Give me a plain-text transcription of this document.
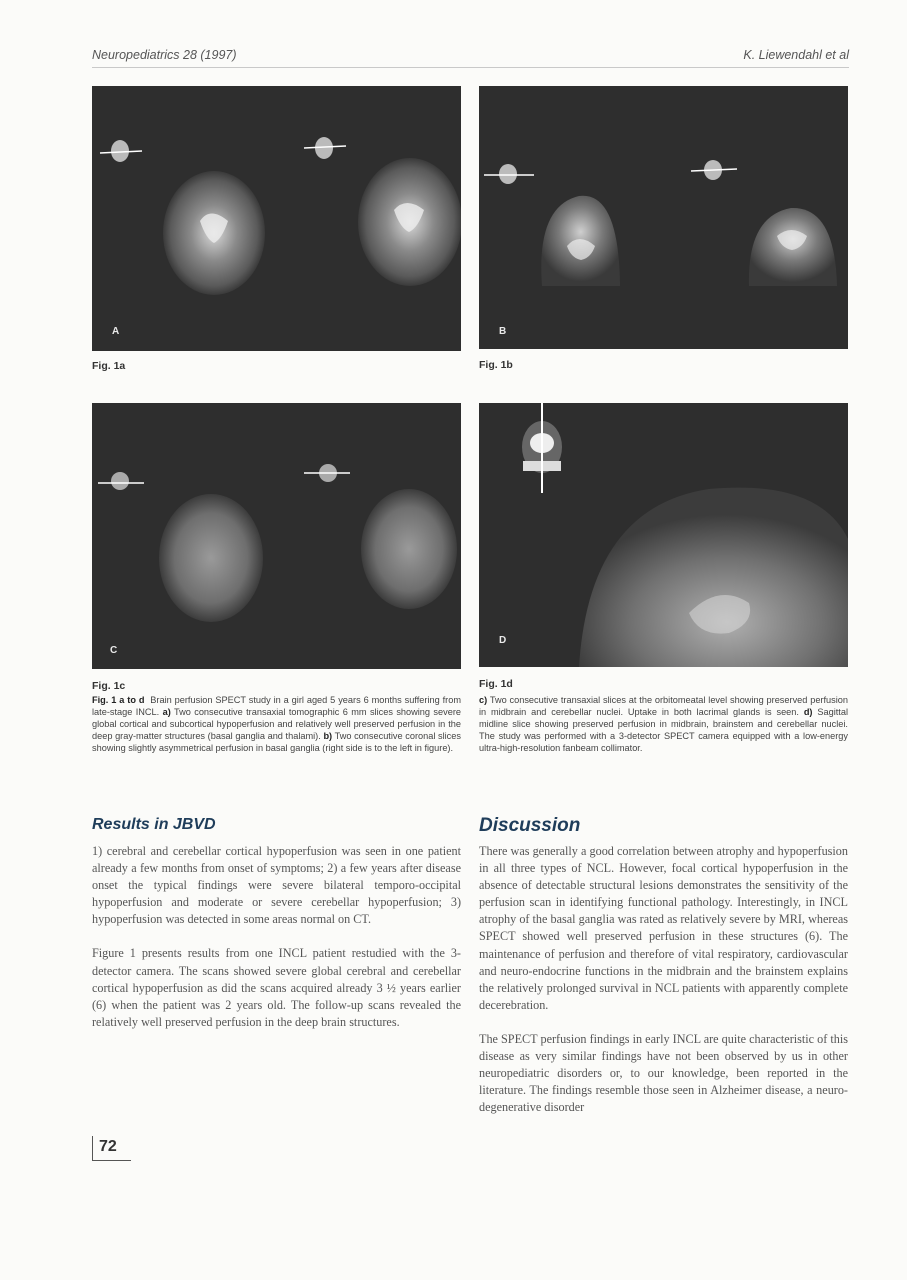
Neuropediatrics 28 (1997)	K. Liewendahl et al
A
Fig. 1a
B
Fig. 1b
C
Fig. 1c
D
Fig. 1d
Fig. 1 a to d Brain perfusion SPECT study in a girl aged 5 years 6 months suffering from late-stage INCL. a) Two consecutive transaxial tomographic 6 mm slices showing severe global cortical and subcortical hypoperfusion and relatively well preserved perfusion in the deep gray-matter structures (basal ganglia and thalami). b) Two consecutive coronal slices showing slightly asymmetrical perfusion in basal ganglia (right side is to the left in figure).
c) Two consecutive transaxial slices at the orbitomeatal level showing preserved perfusion in midbrain and cerebellar nuclei. Uptake in both lacrimal glands is seen. d) Sagittal midline slice showing preserved perfusion in midbrain, brainstem and cerebellar nuclei. The study was performed with a 3-detector SPECT camera equipped with a low-energy ultra-high-resolution fanbeam collimator.
Results in JBVD

1) cerebral and cerebellar cortical hypoperfusion was seen in one patient already a few months from onset of symptoms; 2) a few years after disease onset the typical findings were severe bilateral temporo-occipital hypoperfusion and moderate or severe cerebellar hypoperfusion; 3) hypoperfusion was detected in some areas normal on CT.

Figure 1 presents results from one INCL patient restudied with the 3-detector camera. The scans showed severe global cerebral and cerebellar cortical hypoperfusion as did the scans acquired already 3 ½ years earlier (6) when the patient was 2 years old. The follow-up scans revealed the relatively well preserved perfusion in the deep brain structures.

Discussion

There was generally a good correlation between atrophy and hypoperfusion in all three types of NCL. However, focal cortical hypoperfusion in the absence of detectable structural lesions demonstrates the sensitivity of the perfusion scan in identifying functional pathology. Interestingly, in INCL atrophy of the basal ganglia was rated as relatively severe by MRI, whereas SPECT showed well preserved perfusion in these structures (6). The maintenance of perfusion and therefore of vital respiratory, cardiovascular and neuro-endocrine functions in the midbrain and the brainstem explains the relatively prolonged survival in NCL patients with apparently complete decerebration.

The SPECT perfusion findings in early INCL are quite characteristic of this disease as very similar findings have not been observed by us in other neuropediatric disorders or, to our knowledge, been reported in the literature. The findings resemble those seen in Alzheimer disease, a neuro-degenerative disorder

72
